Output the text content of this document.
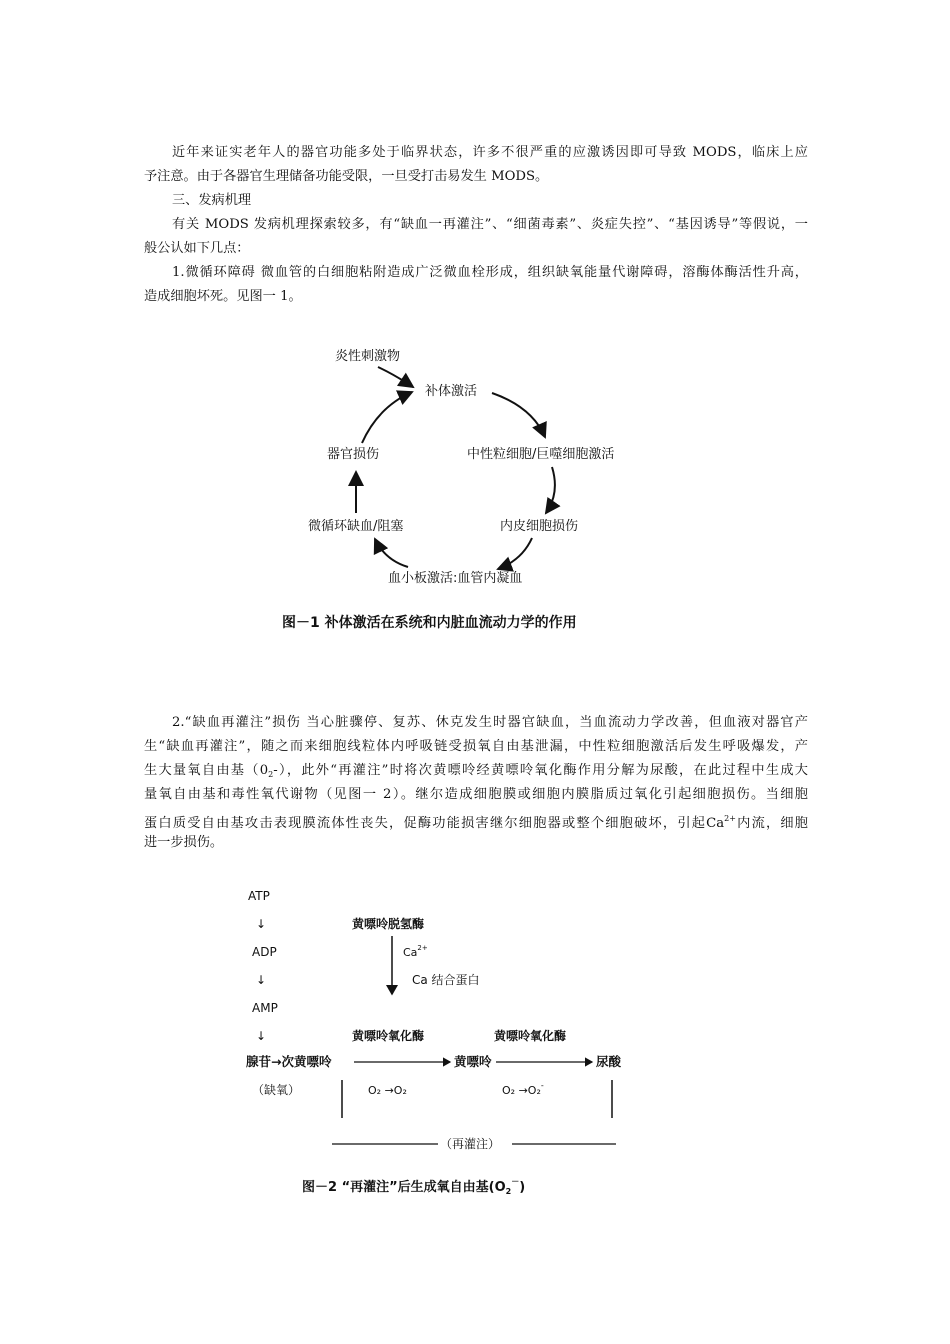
近年来证实老年人的器官功能多处于临界状态，许多不很严重的应激诱因即可导致 MODS，临床上应
予注意。由于各器官生理储备功能受限，一旦受打击易发生 MODS。
三、发病机理
有关 MODS 发病机理探索较多，有“缺血一再灌注”、“细菌毒素”、炎症失控”、“基因诱导”等假说，一
般公认如下几点：
1.微循环障碍 微血管的白细胞粘附造成广泛微血栓形成，组织缺氧能量代谢障碍，溶酶体酶活性升高，
造成细胞坏死。见图一 1。
炎性刺激物
补体激活
中性粒细胞/巨噬细胞激活
内皮细胞损伤
血小板激活:血管内凝血
微循环缺血/阻塞
器官损伤
图－1 补体激活在系统和内脏血流动力学的作用
2.“缺血再灌注”损伤 当心脏骤停、复苏、休克发生时器官缺血，当血流动力学改善，但血液对器官产
生“缺血再灌注”，随之而来细胞线粒体内呼吸链受损氧自由基泄漏，中性粒细胞激活后发生呼吸爆发，产
生大量氧自由基$(0_2-)$，此外“再灌注”时将次黄嘌呤经黄嘌呤氧化酶作用分解为尿酸，在此过程中生成大
量氧自由基和毒性氧代谢物（见图一 2）。继尔造成细胞膜或细胞内膜脂质过氧化引起细胞损伤。当细胞
蛋白质受自由基攻击表现膜流体性丧失，促酶功能损害继尔细胞器或整个细胞破坏，引起$Ca^{2+}$内流，细胞
进一步损伤。
ATP
↓
ADP
↓
AMP
↓
黄嘌呤脱氢酶
$Ca^{2+}$
Ca 结合蛋白
黄嘌呤氧化酶	黄嘌呤氧化酶
腺苷→次黄嘌呤	黄嘌呤	尿酸
（缺氧）	O₂ →O₂	O₂ →O₂-
（再灌注）
图－2 “再灌注”后生成氧自由基$(O_2^-)$
